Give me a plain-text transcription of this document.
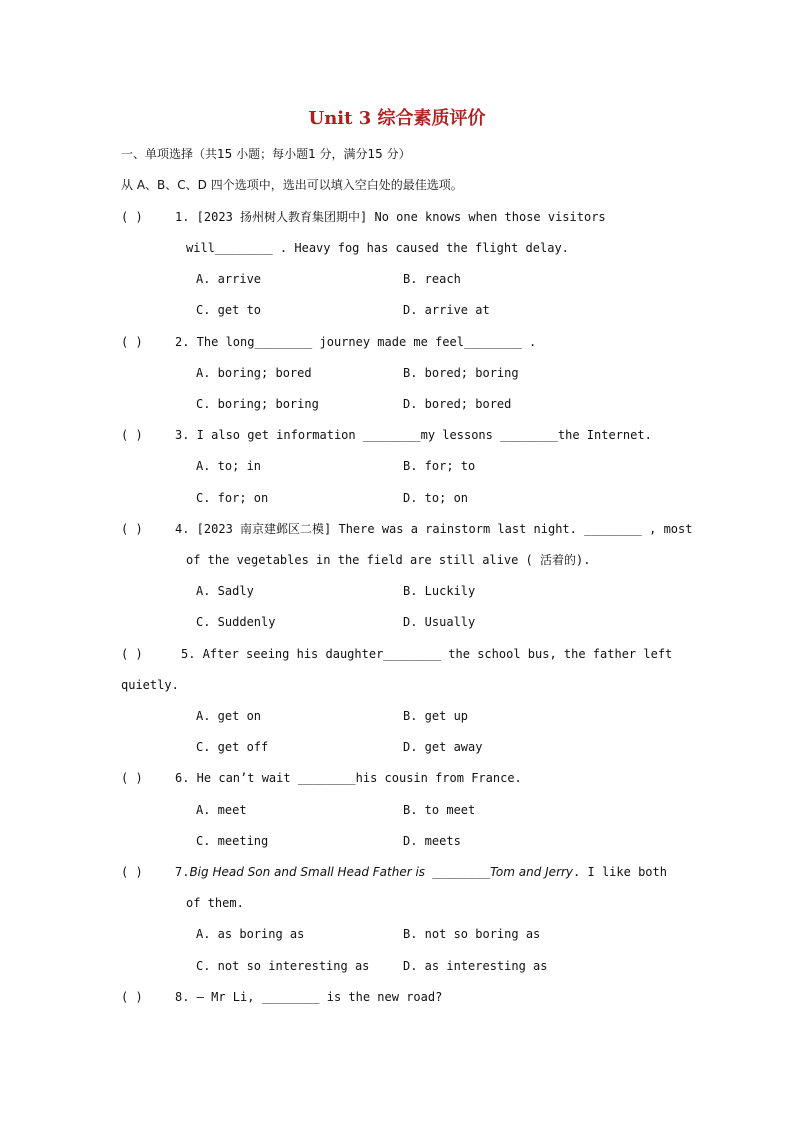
Unit 3 综合素质评价
一、单项选择（共15 小题；每小题1 分，满分15 分）
从 A、B、C、D 四个选项中，选出可以填入空白处的最佳选项。
( )	1. [2023 扬州树人教育集团期中] No one knows when those visitors
will________ . Heavy fog has caused the flight delay.
A. arrive	B. reach
C. get to	D. arrive at
( )	2. The long________ journey made me feel________ .
A. boring; bored	B. bored; boring
C. boring; boring	D. bored; bored
( )	3. I also get information ________my lessons ________the Internet.
A. to; in	B. for; to
C. for; on	D. to; on
( )	4. [2023 南京建邺区二模] There was a rainstorm last night. ________ , most
of the vegetables in the field are still alive ( 活着的).
A. Sadly	B. Luckily
C. Suddenly	D. Usually
( )	5. After seeing his daughter________ the school bus, the father left
quietly.
A. get on	B. get up
C. get off	D. get away
( )	6. He can’t wait ________his cousin from France.
A. meet	B. to meet
C. meeting	D. meets
( )	7.Big Head Son and Small Head Father is ________Tom and Jerry. I like both
of them.
A. as boring as	B. not so boring as
C. not so interesting as	D. as interesting as
( )	8. — Mr Li, ________ is the new road?
